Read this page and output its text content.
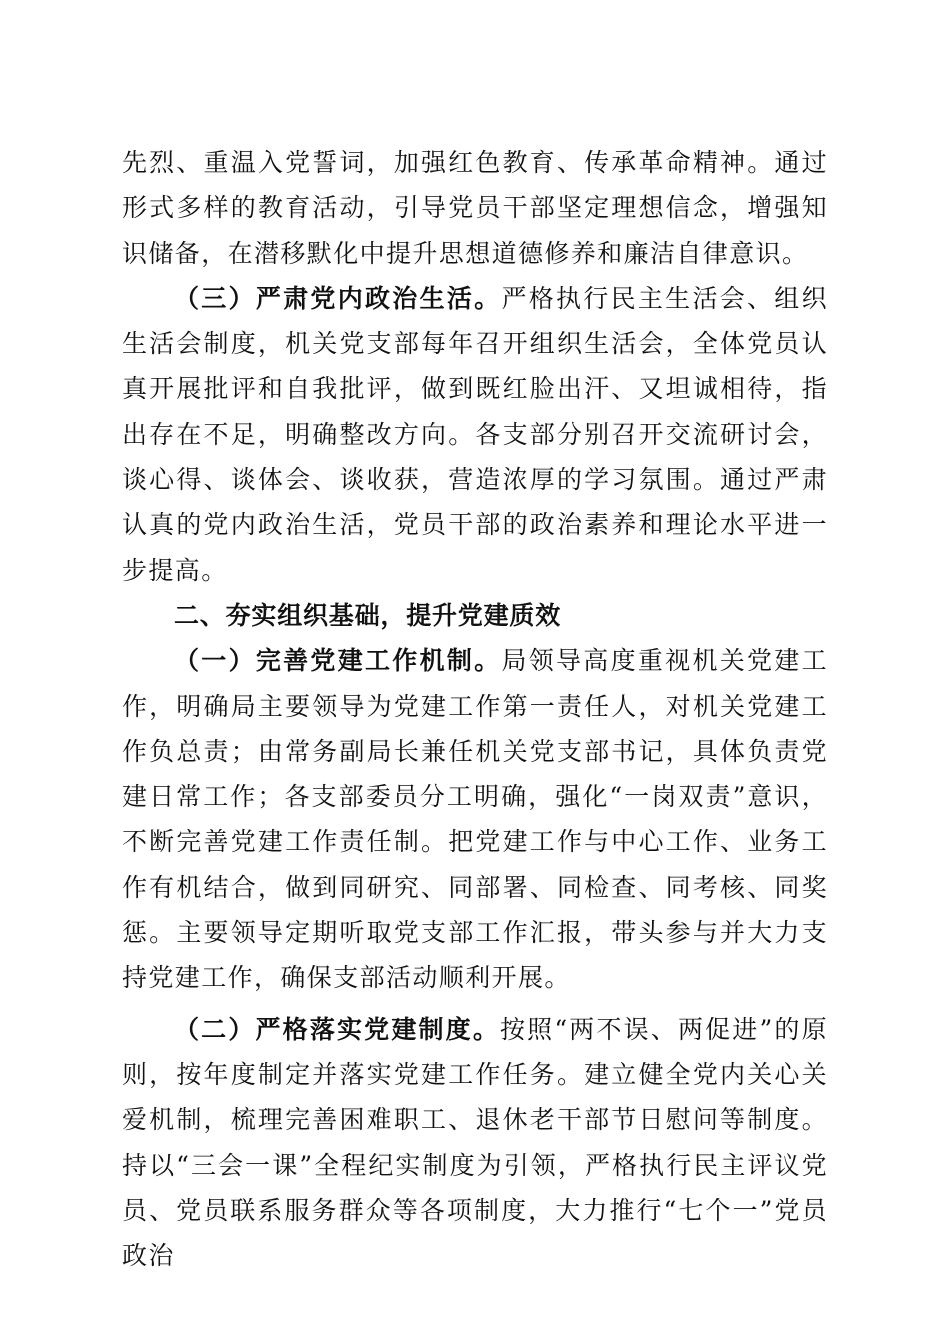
先烈、重温入党誓词，加强红色教育、传承革命精神。通过形式多样的教育活动，引导党员干部坚定理想信念，增强知识储备，在潜移默化中提升思想道德修养和廉洁自律意识。

（三）严肃党内政治生活。严格执行民主生活会、组织生活会制度，机关党支部每年召开组织生活会，全体党员认真开展批评和自我批评，做到既红脸出汗、又坦诚相待，指出存在不足，明确整改方向。各支部分别召开交流研讨会，谈心得、谈体会、谈收获，营造浓厚的学习氛围。通过严肃认真的党内政治生活，党员干部的政治素养和理论水平进一步提高。

二、夯实组织基础，提升党建质效

（一）完善党建工作机制。局领导高度重视机关党建工作，明确局主要领导为党建工作第一责任人，对机关党建工作负总责；由常务副局长兼任机关党支部书记，具体负责党建日常工作；各支部委员分工明确，强化“一岗双责”意识，不断完善党建工作责任制。把党建工作与中心工作、业务工作有机结合，做到同研究、同部署、同检查、同考核、同奖惩。主要领导定期听取党支部工作汇报，带头参与并大力支持党建工作，确保支部活动顺利开展。

（二）严格落实党建制度。按照“两不误、两促进”的原则，按年度制定并落实党建工作任务。建立健全党内关心关爱机制，梳理完善困难职工、退休老干部节日慰问等制度。持以“三会一课”全程纪实制度为引领，严格执行民主评议党员、党员联系服务群众等各项制度，大力推行“七个一”党员政治
